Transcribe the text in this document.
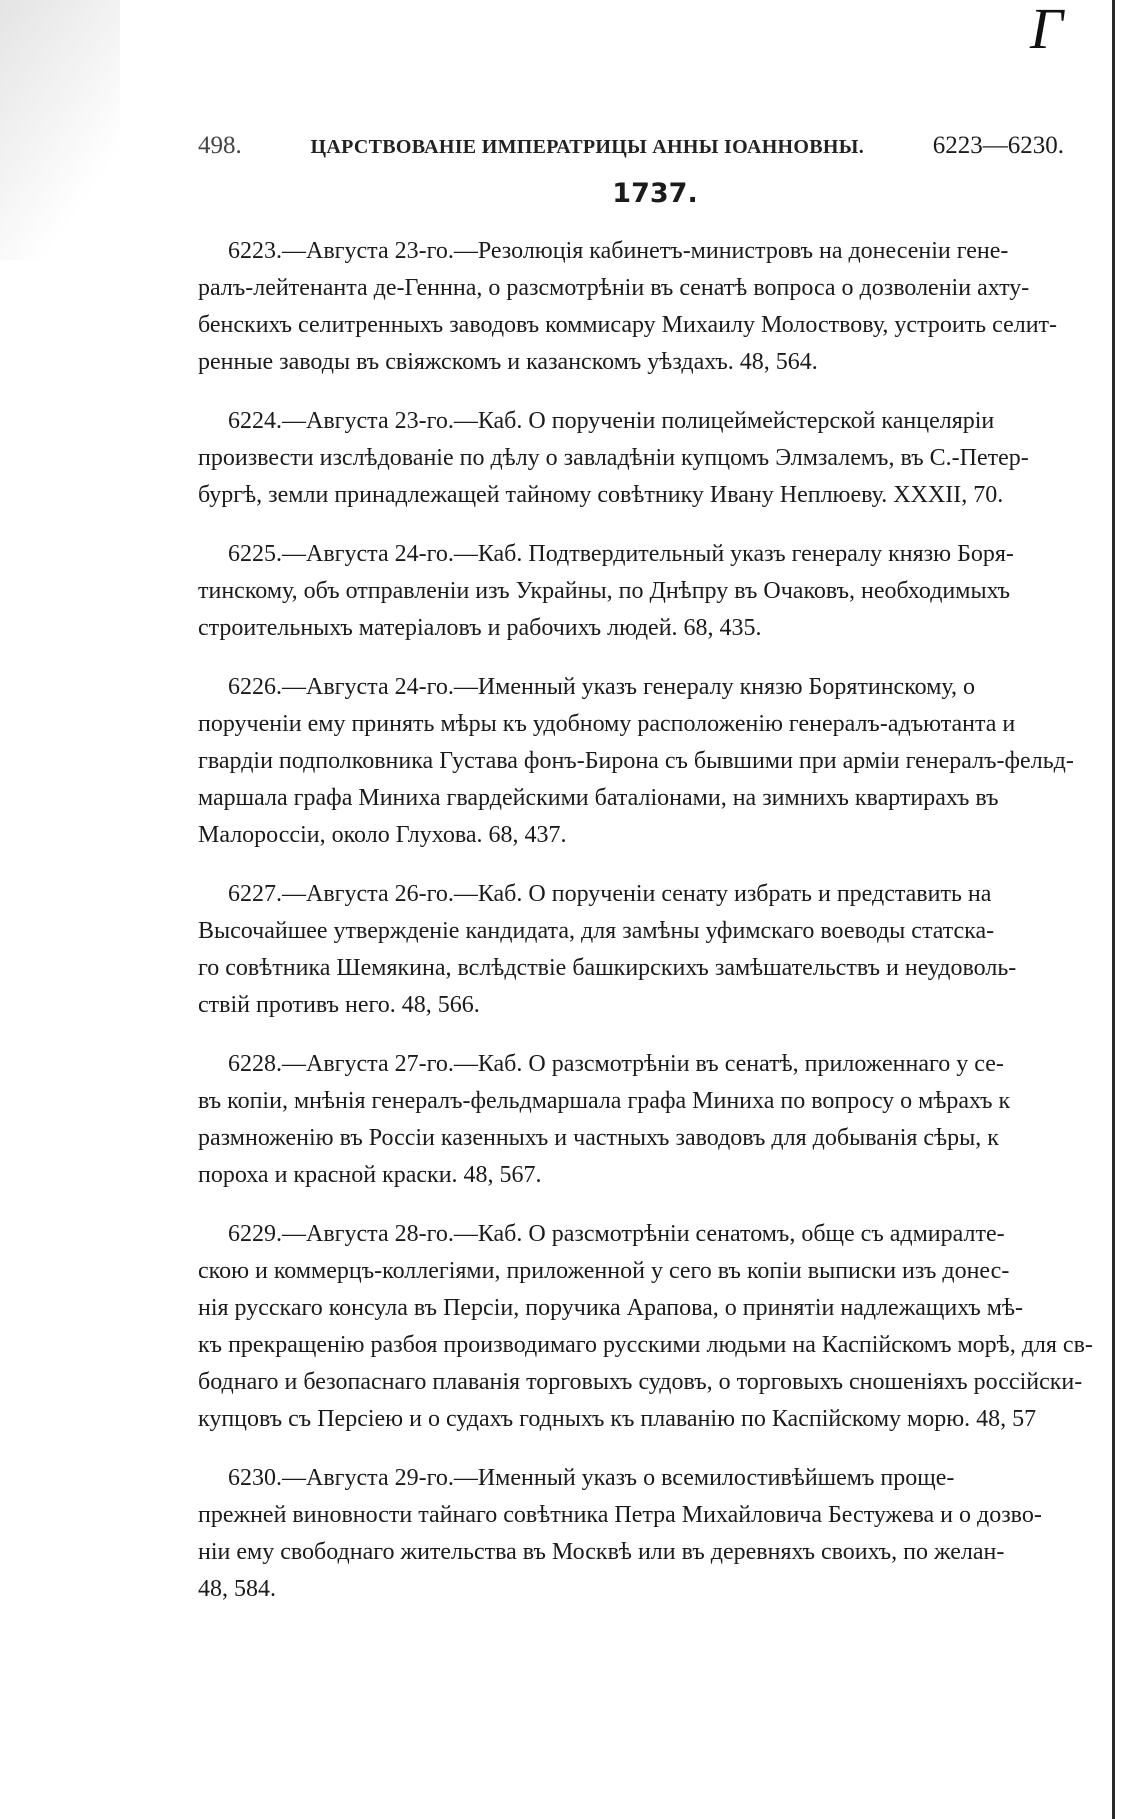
Г
498.	ЦАРСТВОВАНІЕ ИМПЕРАТРИЦЫ АННЫ ІОАННОВНЫ.	6223—6230.
1737.
6223.—Августа 23-го.—Резолюція кабинетъ-министровъ на донесеніи гене-
ралъ-лейтенанта де-Геннна, о разсмотрѣніи въ сенатѣ вопроса о дозволеніи ахту-
бенскихъ селитренныхъ заводовъ коммисару Михаилу Молоствову, устроить селит-
ренные заводы въ свіяжскомъ и казанскомъ уѣздахъ. 48, 564.
6224.—Августа 23-го.—Каб. О порученіи полицеймейстерской канцеляріи
произвести изслѣдованіе по дѣлу о завладѣніи купцомъ Элмзалемъ, въ С.-Петер-
бургѣ, земли принадлежащей тайному совѣтнику Ивану Неплюеву. XXXII, 70.
6225.—Августа 24-го.—Каб. Подтвердительный указъ генералу князю Боря-
тинскому, объ отправленіи изъ Украйны, по Днѣпру въ Очаковъ, необходимыхъ
строительныхъ матеріаловъ и рабочихъ людей. 68, 435.
6226.—Августа 24-го.—Именный указъ генералу князю Борятинскому, о
порученіи ему принять мѣры къ удобному расположенію генералъ-адъютанта и
гвардіи подполковника Густава фонъ-Бирона съ бывшими при арміи генералъ-фельд-
маршала графа Миниха гвардейскими баталіонами, на зимнихъ квартирахъ въ
Малороссіи, около Глухова. 68, 437.
6227.—Августа 26-го.—Каб. О порученіи сенату избрать и представить на
Высочайшее утвержденіе кандидата, для замѣны уфимскаго воеводы статска-
го совѣтника Шемякина, вслѣдствіе башкирскихъ замѣшательствъ и неудоволь-
ствій противъ него. 48, 566.
6228.—Августа 27-го.—Каб. О разсмотрѣніи въ сенатѣ, приложеннаго у се-
въ копіи, мнѣнія генералъ-фельдмаршала графа Миниха по вопросу о мѣрахъ к
размноженію въ Россіи казенныхъ и частныхъ заводовъ для добыванія сѣры, к
пороха и красной краски. 48, 567.
6229.—Августа 28-го.—Каб. О разсмотрѣніи сенатомъ, обще съ адмиралте-
скою и коммерцъ-коллегіями, приложенной у сего въ копіи выписки изъ донес-
нія русскаго консула въ Персіи, поручика Арапова, о принятіи надлежащихъ мѣ-
къ прекращенію разбоя производимаго русскими людьми на Каспійскомъ морѣ, для св-
боднаго и безопаснаго плаванія торговыхъ судовъ, о торговыхъ сношеніяхъ россійски-
купцовъ съ Персіею и о судахъ годныхъ къ плаванію по Каспійскому морю. 48, 57
6230.—Августа 29-го.—Именный указъ о всемилостивѣйшемъ проще-
прежней виновности тайнаго совѣтника Петра Михайловича Бестужева и о дозво-
ніи ему свободнаго жительства въ Москвѣ или въ деревняхъ своихъ, по желан-
48, 584.
